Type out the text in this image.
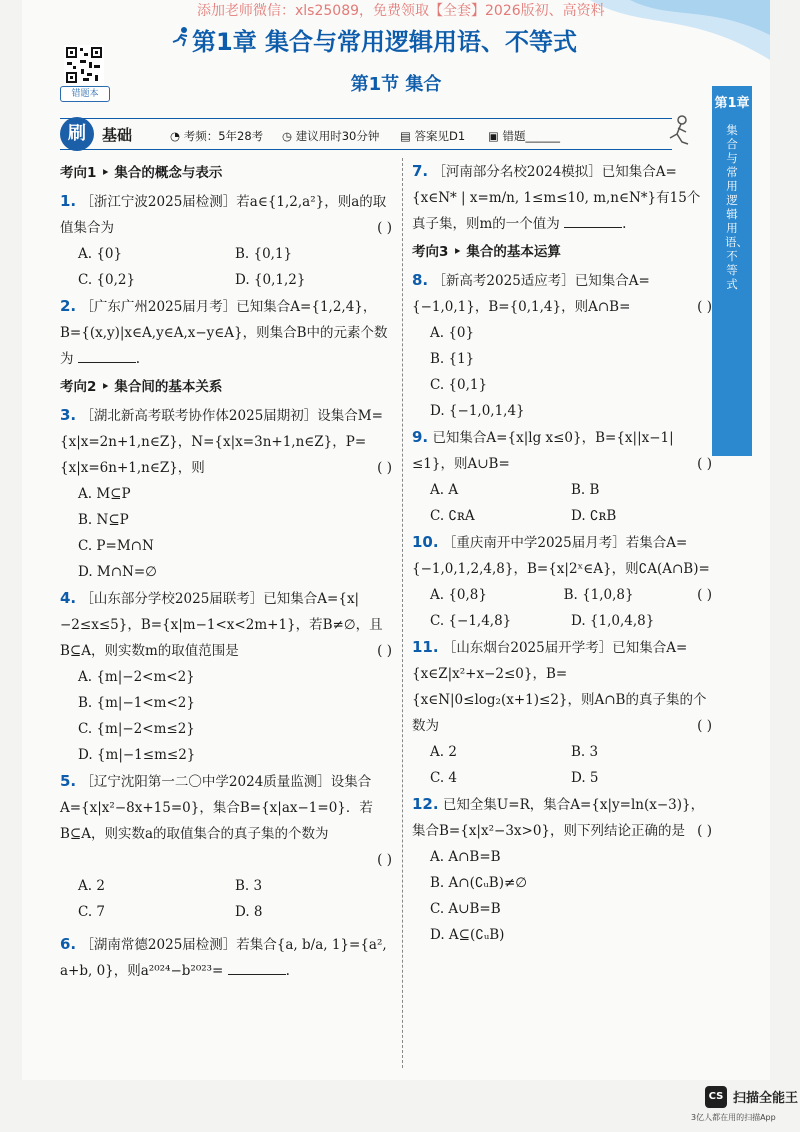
添加老师微信：xls25089，免费领取【全套】2026版初、高资料
错题本
第1章 集合与常用逻辑用语、不等式
第1节 集合
刷	基础	◔ 考频：5年28考 ◷ 建议用时30分钟 ▤ 答案见D1 ▣ 错题______
第1章
集合与常用逻辑用语、不等式
考向1 ‣ 集合的概念与表示
1. ［浙江宁波2025届检测］若a∈{1,2,a²}，则a的取值集合为	( )
A. {0}	B. {0,1}
C. {0,2}	D. {0,1,2}
2. ［广东广州2025届月考］已知集合A={1,2,4}，B={(x,y)|x∈A,y∈A,x−y∈A}，则集合B中的元素个数为	.
考向2 ‣ 集合间的基本关系
3. ［湖北新高考联考协作体2025届期初］设集合M={x|x=2n+1,n∈Z}，N={x|x=3n+1,n∈Z}，P={x|x=6n+1,n∈Z}，则	( )
A. M⊆P
B. N⊆P
C. P=M∩N
D. M∩N=∅
4. ［山东部分学校2025届联考］已知集合A={x|−2≤x≤5}，B={x|m−1<x<2m+1}，若B≠∅，且B⊆A，则实数m的取值范围是	( )
A. {m|−2<m<2}
B. {m|−1<m<2}
C. {m|−2<m≤2}
D. {m|−1≤m≤2}
5. ［辽宁沈阳第一二〇中学2024质量监测］设集合A={x|x²−8x+15=0}，集合B={x|ax−1=0}．若B⊆A，则实数a的取值集合的真子集的个数为
( )
A. 2	B. 3
C. 7	D. 8
6. ［湖南常德2025届检测］若集合{a, b/a, 1}={a², a+b, 0}，则a²⁰²⁴−b²⁰²³=	.
7. ［河南部分名校2024模拟］已知集合A={x∈N* | x=m/n, 1≤m≤10, m,n∈N*}有15个真子集，则m的一个值为	.
考向3 ‣ 集合的基本运算
8. ［新高考2025适应考］已知集合A={−1,0,1}，B={0,1,4}，则A∩B=	( )
A. {0}
B. {1}
C. {0,1}
D. {−1,0,1,4}
9. 已知集合A={x|lg x≤0}，B={x||x−1|≤1}，则A∪B=	( )
A. A	B. B
C. ∁ʀA	D. ∁ʀB
10. ［重庆南开中学2025届月考］若集合A={−1,0,1,2,4,8}，B={x|2ˣ∈A}，则∁A(A∩B)=
( )
A. {0,8}	B. {1,0,8}
C. {−1,4,8}	D. {1,0,4,8}
11. ［山东烟台2025届开学考］已知集合A={x∈Z|x²+x−2≤0}，B={x∈N|0≤log₂(x+1)≤2}，则A∩B的真子集的个数为	( )
A. 2	B. 3
C. 4	D. 5
12. 已知全集U=R，集合A={x|y=ln(x−3)}，集合B={x|x²−3x>0}，则下列结论正确的是 ( )
A. A∩B=B
B. A∩(∁ᵤB)≠∅
C. A∪B=B
D. A⊆(∁ᵤB)
CS 扫描全能王
3亿人都在用的扫描App
